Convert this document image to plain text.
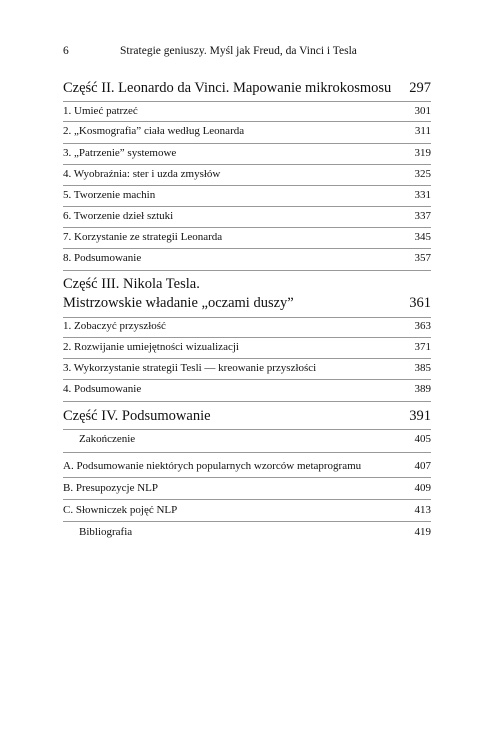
6	Strategie geniuszy. Myśl jak Freud, da Vinci i Tesla
Część II. Leonardo da Vinci. Mapowanie mikrokosmosu	297
1. Umieć patrzeć	301
2. „Kosmografia” ciała według Leonarda	311
3. „Patrzenie” systemowe	319
4. Wyobraźnia: ster i uzda zmysłów	325
5. Tworzenie machin	331
6. Tworzenie dzieł sztuki	337
7. Korzystanie ze strategii Leonarda	345
8. Podsumowanie	357
Część III. Nikola Tesla.
Mistrzowskie władanie „oczami duszy”	361
1. Zobaczyć przyszłość	363
2. Rozwijanie umiejętności wizualizacji	371
3. Wykorzystanie strategii Tesli — kreowanie przyszłości	385
4. Podsumowanie	389
Część IV. Podsumowanie	391
Zakończenie	405
A. Podsumowanie niektórych popularnych wzorców metaprogramu	407
B. Presupozycje NLP	409
C. Słowniczek pojęć NLP	413
Bibliografia	419
